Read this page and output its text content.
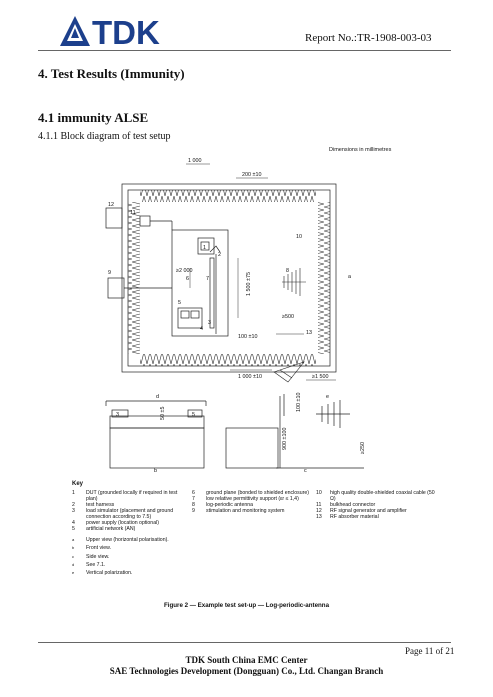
TDK	Report No.:TR-1908-003-03
4. Test Results (Immunity)
4.1 immunity ALSE
4.1.1 Block diagram of test setup
Dimensions in millimetres
1 000
200 ±10
≥2 000
1 500 ±75
≥500
100 ±10
1 000 ±10	≥1 500
50 ±5
100 ±10
900 ±100	≥250
1
2
3
4
5
6	7
8
9
10
11
12
13
a
b	c
d	e
3	5
Key
1	DUT (grounded locally if required in test plan)
2	test harness
3	load simulator (placement and ground connection according to 7.5)
4	power supply (location optional)
5	artificial network (AN)
6	ground plane (bonded to shielded enclosure)
7	low relative permittivity support (εr ≤ 1,4)
8	log-periodic antenna
9	stimulation and monitoring system
10	high quality double-shielded coaxial cable (50 Ω)
11	bulkhead connector
12	RF signal generator and amplifier
13	RF absorber material
a	Upper view (horizontal polarisation).
b	Front view.
c	Side view.
d	See 7.1.
e	Vertical polarization.
Figure 2 — Example test set-up — Log-periodic-antenna
Page 11 of 21
TDK South China EMC Center
SAE Technologies Development (Dongguan) Co., Ltd. Changan Branch
